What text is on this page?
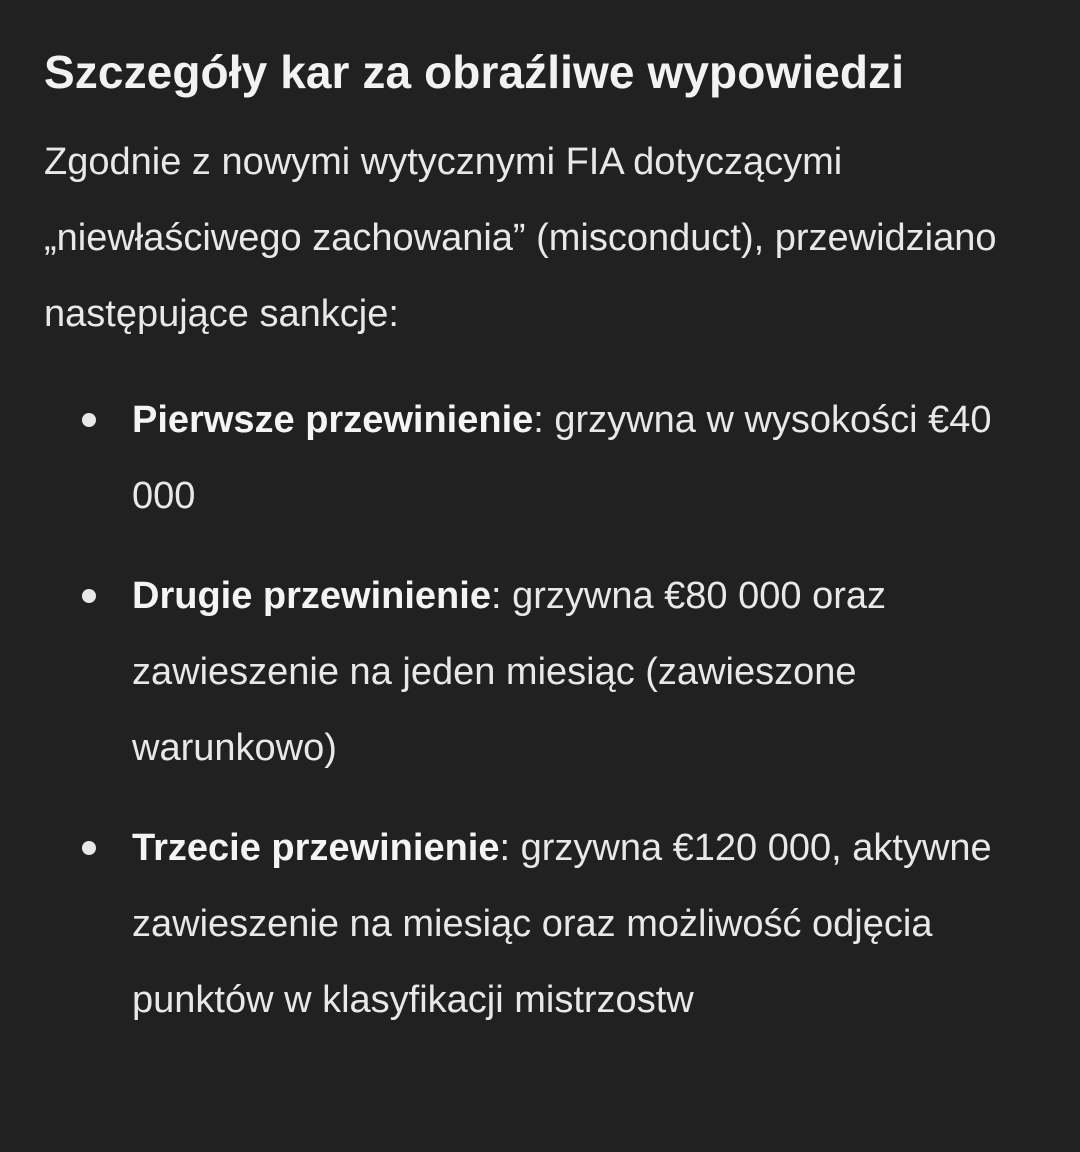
Szczegóły kar za obraźliwe wypowiedzi

Zgodnie z nowymi wytycznymi FIA dotyczącymi „niewłaściwego zachowania” (misconduct), przewidziano następujące sankcje:

Pierwsze przewinienie: grzywna w wysokości €40 000
Drugie przewinienie: grzywna €80 000 oraz zawieszenie na jeden miesiąc (zawieszone warunkowo)
Trzecie przewinienie: grzywna €120 000, aktywne zawieszenie na miesiąc oraz możliwość odjęcia punktów w klasyfikacji mistrzostw
